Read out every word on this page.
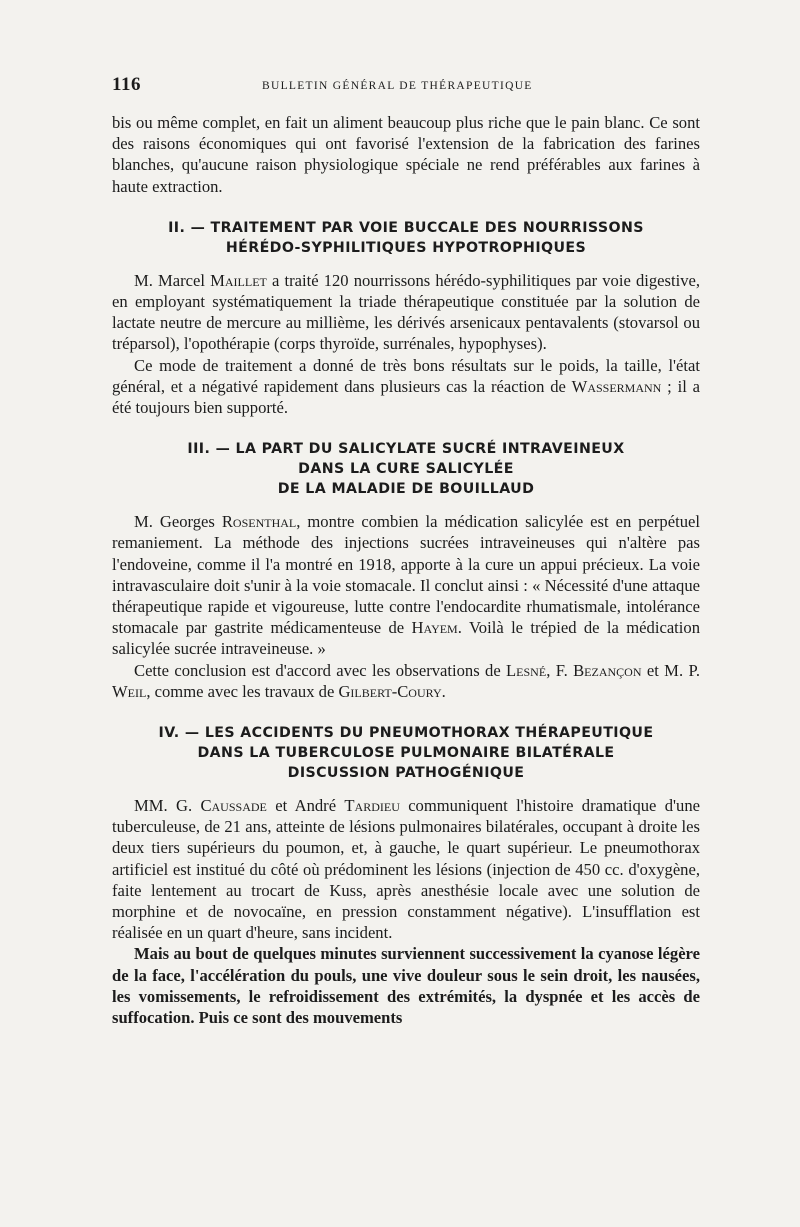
116	BULLETIN GÉNÉRAL DE THÉRAPEUTIQUE

bis ou même complet, en fait un aliment beaucoup plus riche que le pain blanc. Ce sont des raisons économiques qui ont favorisé l'extension de la fabrication des farines blanches, qu'aucune raison physiologique spéciale ne rend préférables aux farines à haute extraction.

II. — TRAITEMENT PAR VOIE BUCCALE DES NOURRISSONS
HÉRÉDO-SYPHILITIQUES HYPOTROPHIQUES

M. Marcel Maillet a traité 120 nourrissons hérédo-syphilitiques par voie digestive, en employant systématiquement la triade thérapeutique constituée par la solution de lactate neutre de mercure au millième, les dérivés arsenicaux pentavalents (stovarsol ou tréparsol), l'opothérapie (corps thyroïde, surrénales, hypophyses).

Ce mode de traitement a donné de très bons résultats sur le poids, la taille, l'état général, et a négativé rapidement dans plusieurs cas la réaction de Wassermann ; il a été toujours bien supporté.

III. — LA PART DU SALICYLATE SUCRÉ INTRAVEINEUX
DANS LA CURE SALICYLÉE
DE LA MALADIE DE BOUILLAUD

M. Georges Rosenthal, montre combien la médication salicylée est en perpétuel remaniement. La méthode des injections sucrées intraveineuses qui n'altère pas l'endoveine, comme il l'a montré en 1918, apporte à la cure un appui précieux. La voie intravasculaire doit s'unir à la voie stomacale. Il conclut ainsi : « Nécessité d'une attaque thérapeutique rapide et vigoureuse, lutte contre l'endocardite rhumatismale, intolérance stomacale par gastrite médicamenteuse de Hayem. Voilà le trépied de la médication salicylée sucrée intraveineuse. »

Cette conclusion est d'accord avec les observations de Lesné, F. Bezançon et M. P. Weil, comme avec les travaux de Gilbert-Coury.

IV. — LES ACCIDENTS DU PNEUMOTHORAX THÉRAPEUTIQUE
DANS LA TUBERCULOSE PULMONAIRE BILATÉRALE
DISCUSSION PATHOGÉNIQUE

MM. G. Caussade et André Tardieu communiquent l'histoire dramatique d'une tuberculeuse, de 21 ans, atteinte de lésions pulmonaires bilatérales, occupant à droite les deux tiers supérieurs du poumon, et, à gauche, le quart supérieur. Le pneumothorax artificiel est institué du côté où prédominent les lésions (injection de 450 cc. d'oxygène, faite lentement au trocart de Kuss, après anesthésie locale avec une solution de morphine et de novocaïne, en pression constamment négative). L'insufflation est réalisée en un quart d'heure, sans incident.

Mais au bout de quelques minutes surviennent successivement la cyanose légère de la face, l'accélération du pouls, une vive douleur sous le sein droit, les nausées, les vomissements, le refroidissement des extrémités, la dyspnée et les accès de suffocation. Puis ce sont des mouvements
